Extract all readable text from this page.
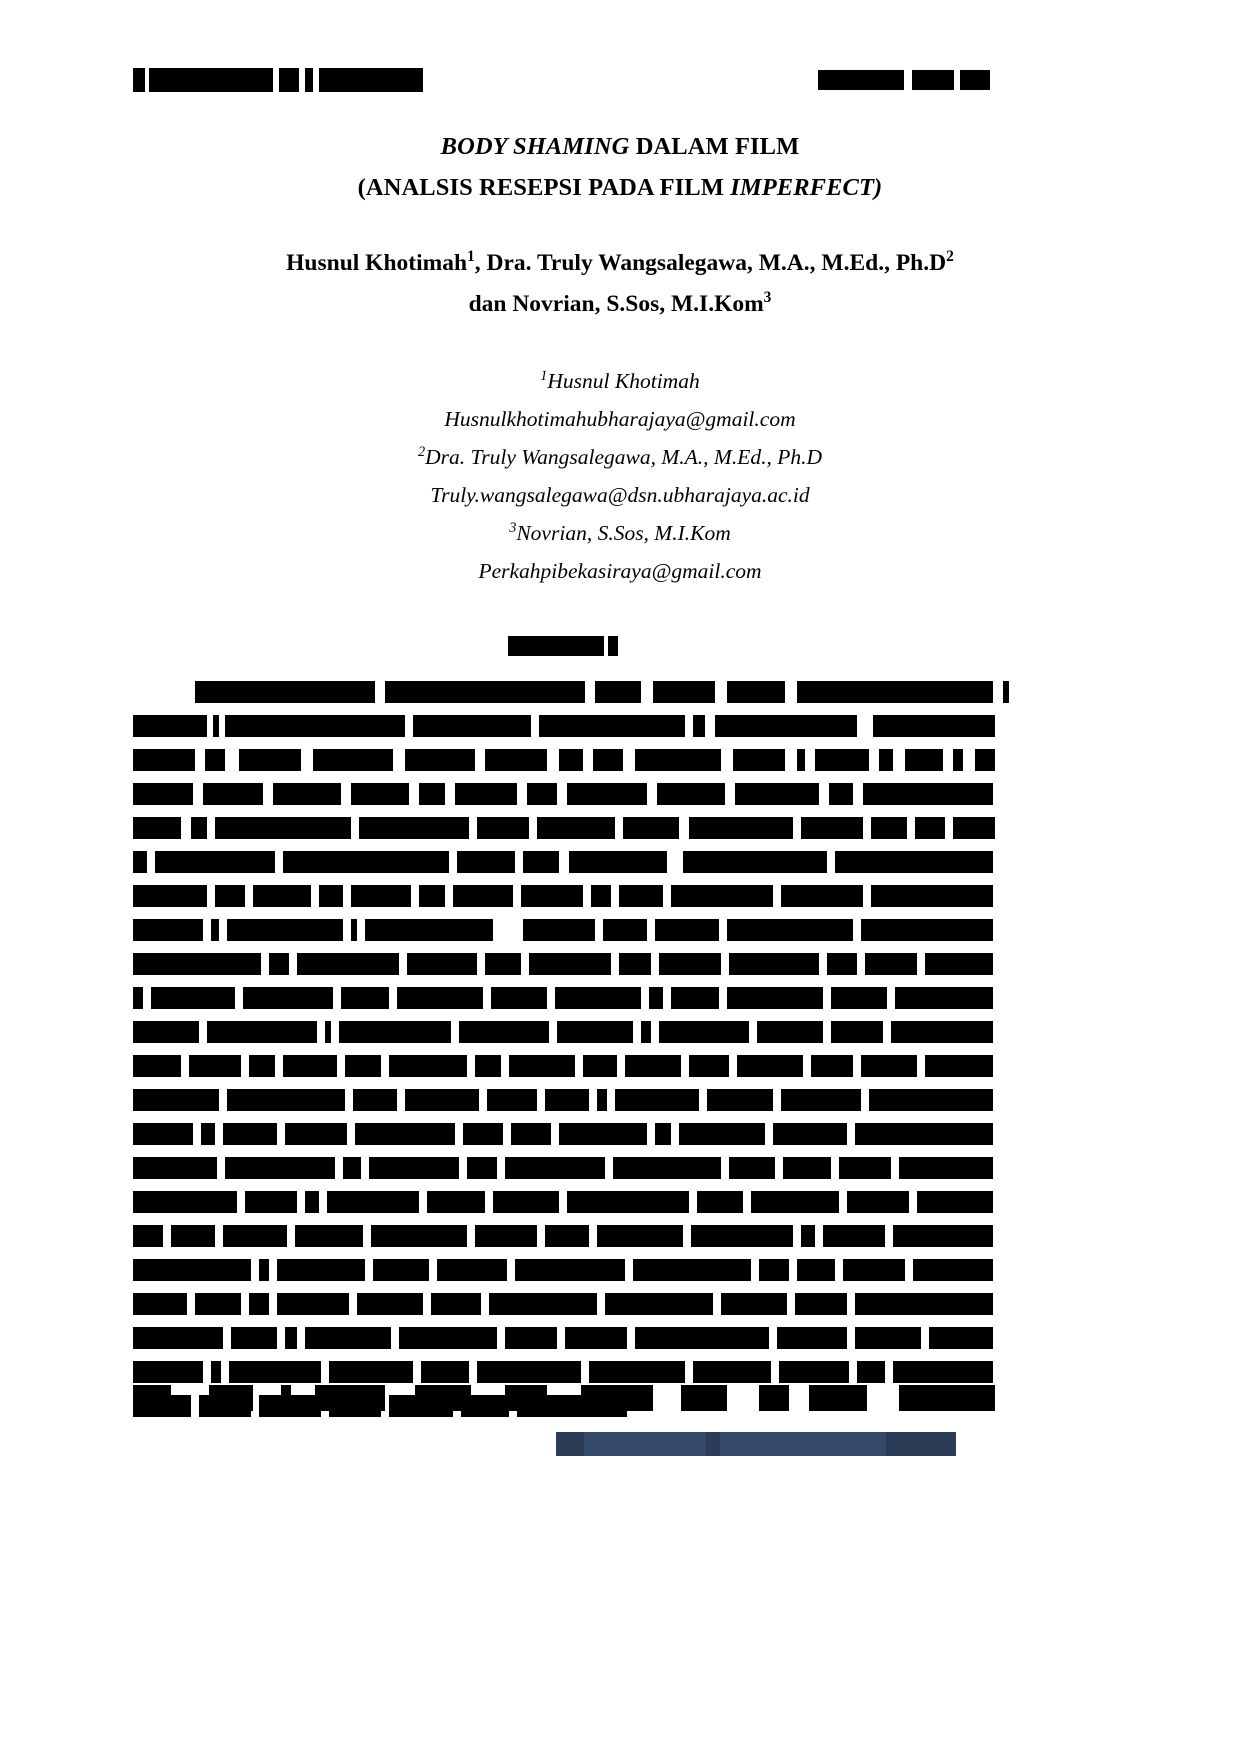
BODY SHAMING DALAM FILM
(ANALSIS RESEPSI PADA FILM IMPERFECT)
Husnul Khotimah$^1$, Dra. Truly Wangsalegawa, M.A., M.Ed., $Ph.D^2$
dan Novrian, S.Sos, M.I.Kom$^3$
$^1$Husnul Khotimah
Husnulkhotimahubharajaya@gmail.com
$^2$Dra. Truly Wangsalegawa, M.A., M.Ed., Ph.D
Truly.wangsalegawa@dsn.ubharajaya.ac.id
$^3$Novrian, S.Sos, M.I.Kom
Perkahpibekasiraya@gmail.com
